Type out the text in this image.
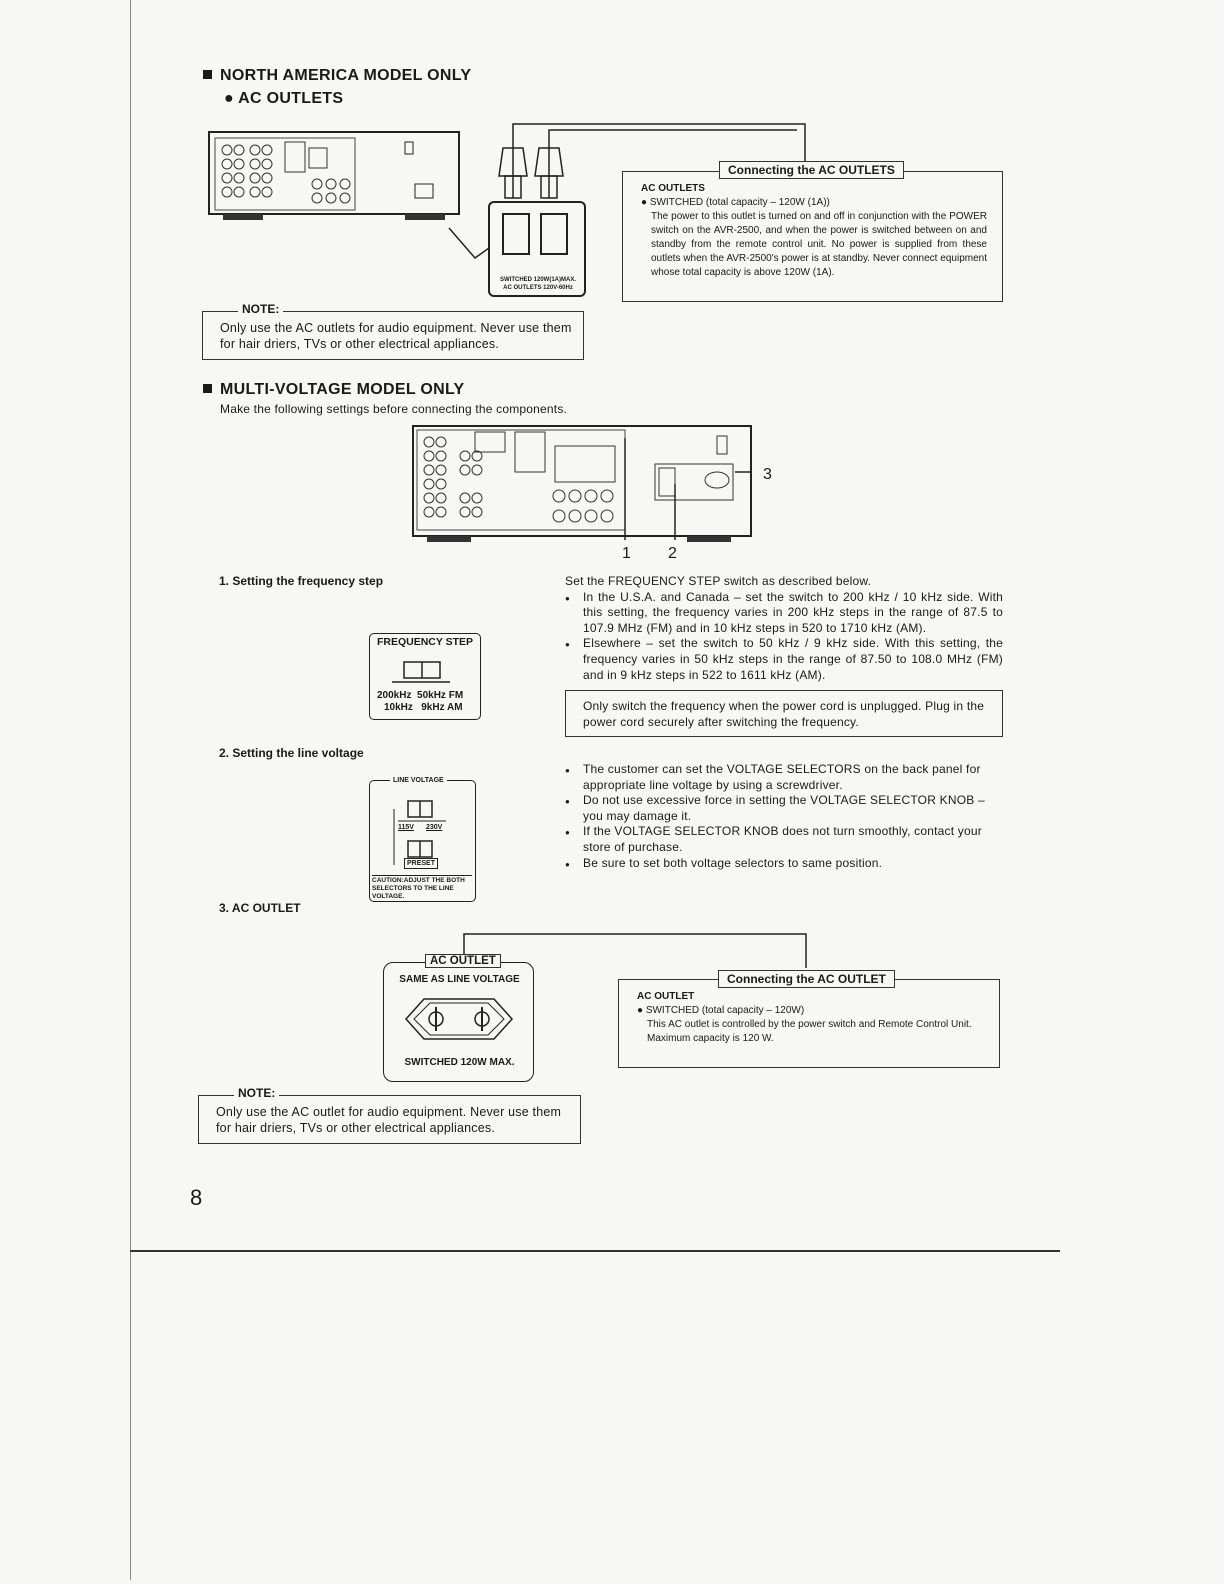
NORTH AMERICA MODEL ONLY
● AC OUTLETS
SWITCHED 120W(1A)MAX.
AC OUTLETS 120V-60Hz
Connecting the AC OUTLETS
AC OUTLETS
● SWITCHED (total capacity – 120W (1A))
The power to this outlet is turned on and off in conjunction with the POWER switch on the AVR-2500, and when the power is switched between on and standby from the remote control unit. No power is supplied from these outlets when the AVR-2500's power is at standby. Never connect equipment whose total capacity is above 120W (1A).
NOTE:
Only use the AC outlets for audio equipment. Never use them for hair driers, TVs or other electrical appliances.
MULTI-VOLTAGE MODEL ONLY
Make the following settings before connecting the components.
1 2
3
1. Setting the frequency step
FREQUENCY STEP
200kHz  50kHz FM
10kHz   9kHz AM
Set the FREQUENCY STEP switch as described below.
● In the U.S.A. and Canada – set the switch to 200 kHz / 10 kHz side. With this setting, the frequency varies in 200 kHz steps in the range of 87.5 to 107.9 MHz (FM) and in 10 kHz steps in 520 to 1710 kHz (AM).
● Elsewhere – set the switch to 50 kHz / 9 kHz side. With this setting, the frequency varies in 50 kHz steps in the range of 87.50 to 108.0 MHz (FM) and in 9 kHz steps in 522 to 1611 kHz (AM).
Only switch the frequency when the power cord is unplugged. Plug in the power cord securely after switching the frequency.
2. Setting the line voltage
LINE VOLTAGE
115V 230V
PRESET
CAUTION:ADJUST THE BOTH SELECTORS TO THE LINE VOLTAGE.
● The customer can set the VOLTAGE SELECTORS on the back panel for appropriate line voltage by using a screwdriver.
● Do not use excessive force in setting the VOLTAGE SELECTOR KNOB – you may damage it.
● If the VOLTAGE SELECTOR KNOB does not turn smoothly, contact your store of purchase.
● Be sure to set both voltage selectors to same position.
3. AC OUTLET
SAME AS LINE VOLTAGE
SWITCHED 120W MAX.
AC OUTLET
Connecting the AC OUTLET
AC OUTLET
● SWITCHED (total capacity – 120W)
This AC outlet is controlled by the power switch and Remote Control Unit. Maximum capacity is 120 W.
NOTE:
Only use the AC outlet for audio equipment. Never use them for hair driers, TVs or other electrical appliances.
8
